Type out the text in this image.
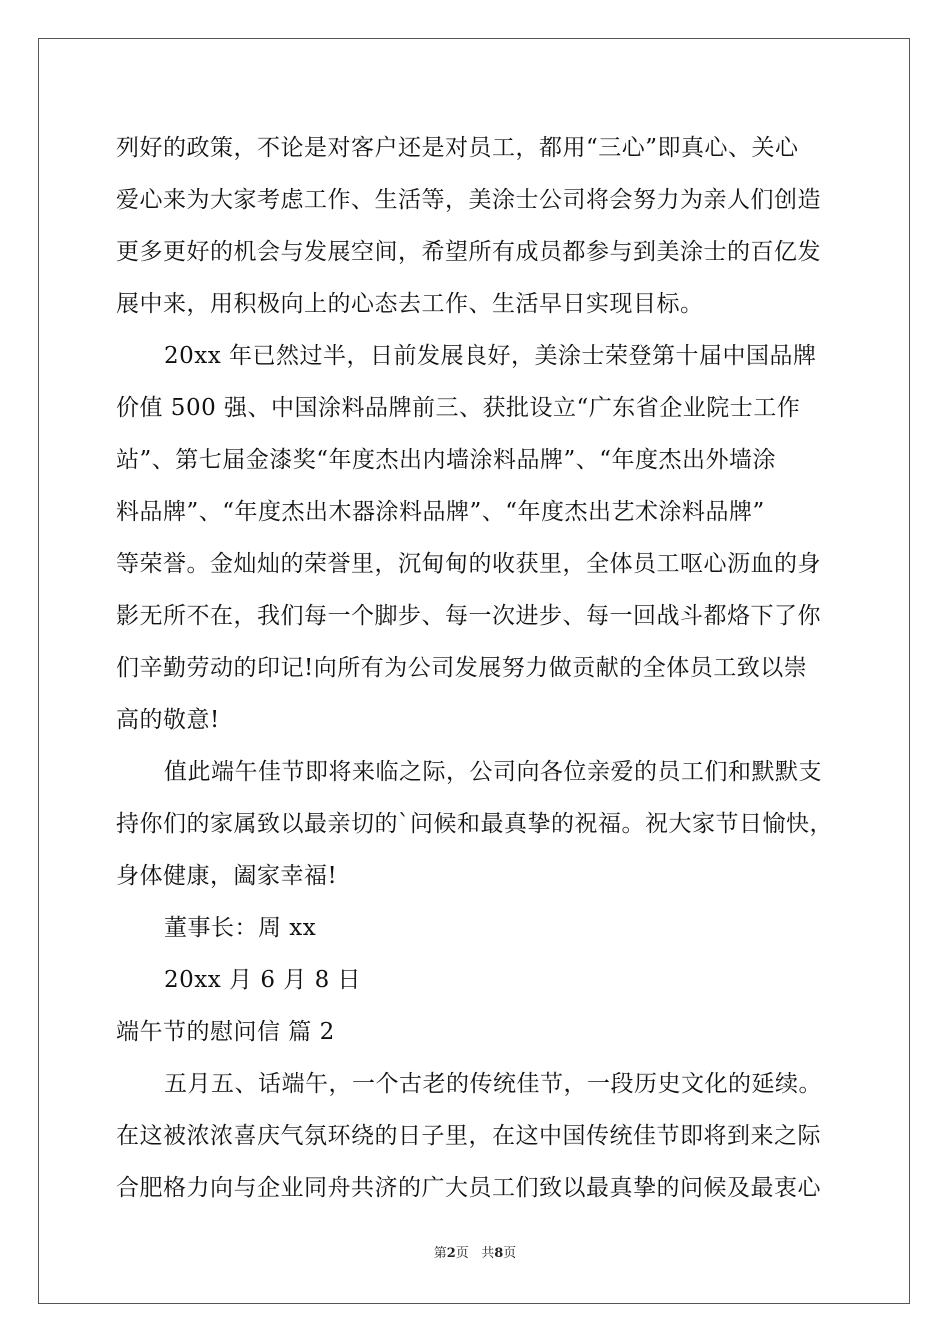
列好的政策，不论是对客户还是对员工，都用“三心”即真心、关心
爱心来为大家考虑工作、生活等，美涂士公司将会努力为亲人们创造
更多更好的机会与发展空间，希望所有成员都参与到美涂士的百亿发
展中来，用积极向上的心态去工作、生活早日实现目标。
20xx 年已然过半，日前发展良好，美涂士荣登第十届中国品牌
价值 500 强、中国涂料品牌前三、获批设立“广东省企业院士工作
站”、第七届金漆奖“年度杰出内墙涂料品牌”、“年度杰出外墙涂
料品牌”、“年度杰出木器涂料品牌”、“年度杰出艺术涂料品牌”
等荣誉。金灿灿的荣誉里，沉甸甸的收获里，全体员工呕心沥血的身
影无所不在，我们每一个脚步、每一次进步、每一回战斗都烙下了你
们辛勤劳动的印记!向所有为公司发展努力做贡献的全体员工致以崇
高的敬意!
值此端午佳节即将来临之际，公司向各位亲爱的员工们和默默支
持你们的家属致以最亲切的`问候和最真挚的祝福。祝大家节日愉快，
身体健康，阖家幸福!
董事长：周 xx
20xx 月 6 月 8 日
端午节的慰问信 篇 2
五月五、话端午，一个古老的传统佳节，一段历史文化的延续。
在这被浓浓喜庆气氛环绕的日子里，在这中国传统佳节即将到来之际
合肥格力向与企业同舟共济的广大员工们致以最真挚的问候及最衷心
第2页 共8页
